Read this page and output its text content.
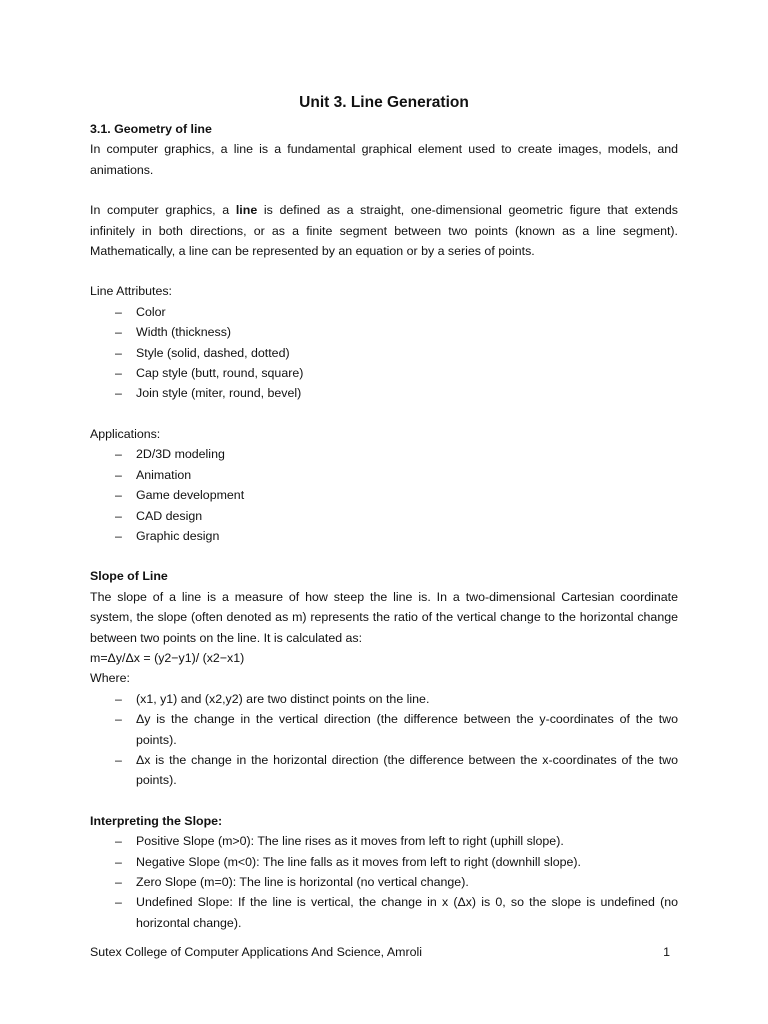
Unit 3. Line Generation
3.1. Geometry of line

In computer graphics, a line is a fundamental graphical element used to create images, models, and animations.

In computer graphics, a line is defined as a straight, one-dimensional geometric figure that extends infinitely in both directions, or as a finite segment between two points (known as a line segment). Mathematically, a line can be represented by an equation or by a series of points.

Line Attributes:

– Color
– Width (thickness)
– Style (solid, dashed, dotted)
– Cap style (butt, round, square)
– Join style (miter, round, bevel)

Applications:

– 2D/3D modeling
– Animation
– Game development
– CAD design
– Graphic design
Slope of Line

The slope of a line is a measure of how steep the line is. In a two-dimensional Cartesian coordinate system, the slope (often denoted as m) represents the ratio of the vertical change to the horizontal change between two points on the line. It is calculated as:

m=Δy/Δx = (y2−y1)/ (x2−x1)

Where:

– (x1, y1) and (x2,y2) are two distinct points on the line.
– Δy is the change in the vertical direction (the difference between the y-coordinates of the two points).
– Δx is the change in the horizontal direction (the difference between the x-coordinates of the two points).
Interpreting the Slope:
– Positive Slope (m>0): The line rises as it moves from left to right (uphill slope).
– Negative Slope (m<0): The line falls as it moves from left to right (downhill slope).
– Zero Slope (m=0): The line is horizontal (no vertical change).
– Undefined Slope: If the line is vertical, the change in x (Δx) is 0, so the slope is undefined (no horizontal change).
Sutex College of Computer Applications And Science, Amroli	1
